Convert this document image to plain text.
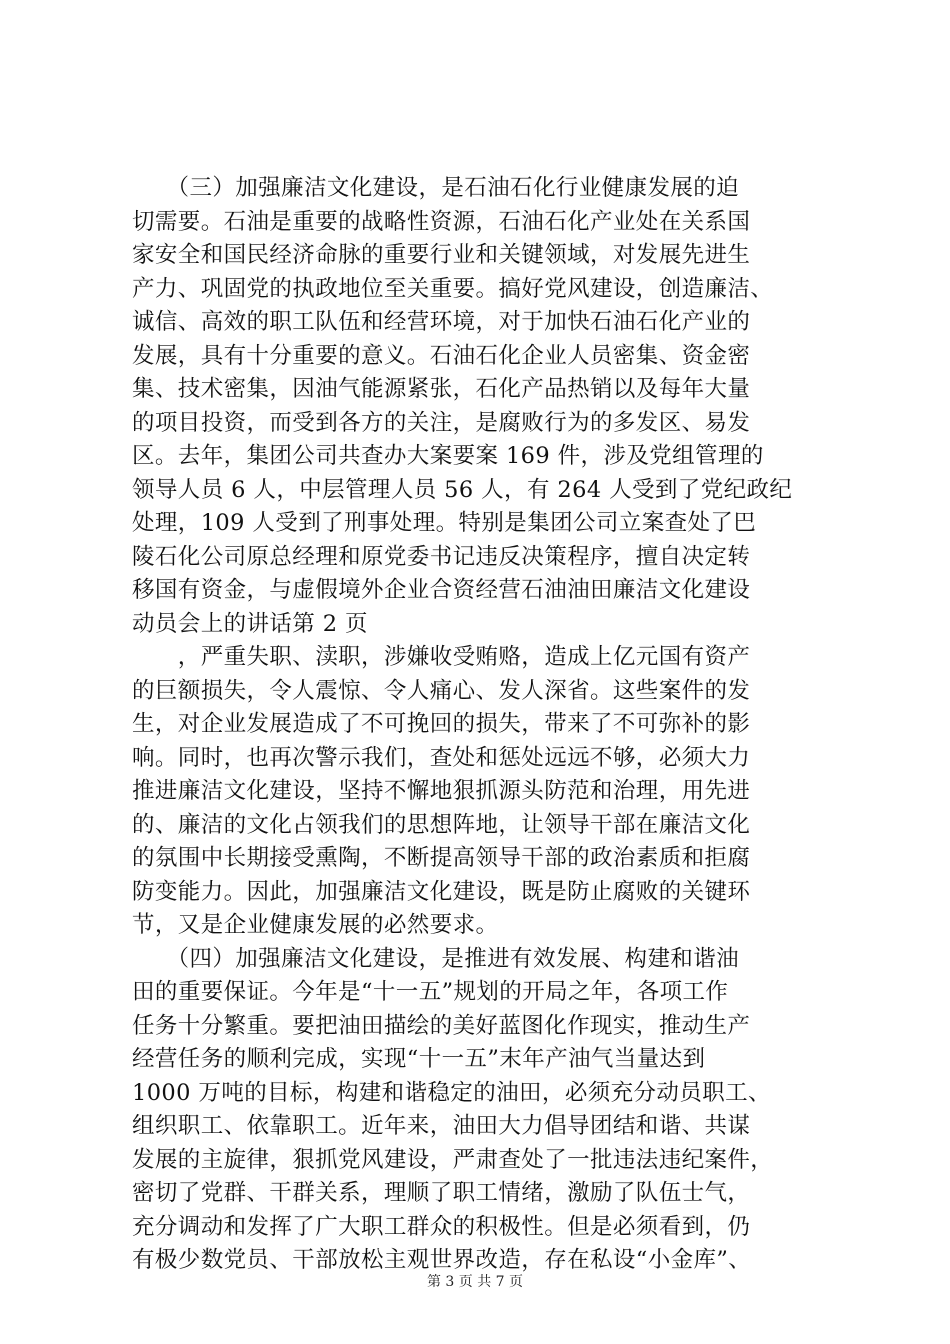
　　（三）加强廉洁文化建设，是石油石化行业健康发展的迫
切需要。石油是重要的战略性资源，石油石化产业处在关系国
家安全和国民经济命脉的重要行业和关键领域，对发展先进生
产力、巩固党的执政地位至关重要。搞好党风建设，创造廉洁、
诚信、高效的职工队伍和经营环境，对于加快石油石化产业的
发展，具有十分重要的意义。石油石化企业人员密集、资金密
集、技术密集，因油气能源紧张，石化产品热销以及每年大量
的项目投资，而受到各方的关注，是腐败行为的多发区、易发
区。去年，集团公司共查办大案要案 169 件，涉及党组管理的
领导人员 6 人，中层管理人员 56 人，有 264 人受到了党纪政纪
处理，109 人受到了刑事处理。特别是集团公司立案查处了巴
陵石化公司原总经理和原党委书记违反决策程序，擅自决定转
移国有资金，与虚假境外企业合资经营石油油田廉洁文化建设
动员会上的讲话第 2 页
　　，严重失职、渎职，涉嫌收受贿赂，造成上亿元国有资产
的巨额损失，令人震惊、令人痛心、发人深省。这些案件的发
生，对企业发展造成了不可挽回的损失，带来了不可弥补的影
响。同时，也再次警示我们，查处和惩处远远不够，必须大力
推进廉洁文化建设，坚持不懈地狠抓源头防范和治理，用先进
的、廉洁的文化占领我们的思想阵地，让领导干部在廉洁文化
的氛围中长期接受熏陶，不断提高领导干部的政治素质和拒腐
防变能力。因此，加强廉洁文化建设，既是防止腐败的关键环
节，又是企业健康发展的必然要求。
　　（四）加强廉洁文化建设，是推进有效发展、构建和谐油
田的重要保证。今年是“十一五”规划的开局之年，各项工作
任务十分繁重。要把油田描绘的美好蓝图化作现实，推动生产
经营任务的顺利完成，实现“十一五”末年产油气当量达到
1000 万吨的目标，构建和谐稳定的油田，必须充分动员职工、
组织职工、依靠职工。近年来，油田大力倡导团结和谐、共谋
发展的主旋律，狠抓党风建设，严肃查处了一批违法违纪案件，
密切了党群、干群关系，理顺了职工情绪，激励了队伍士气，
充分调动和发挥了广大职工群众的积极性。但是必须看到，仍
有极少数党员、干部放松主观世界改造，存在私设“小金库”、
第 3 页 共 7 页
